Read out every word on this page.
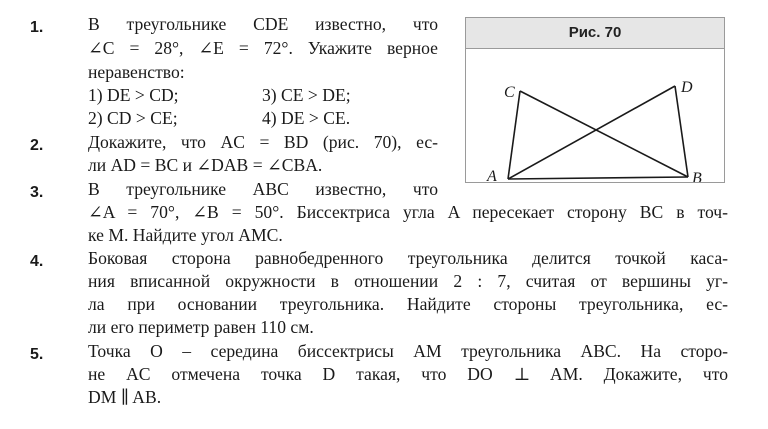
1.	В треугольнике CDE известно, что
∠C = 28°, ∠E = 72°. Укажите верное
неравенство:
1) DE > CD;	3) CE > DE;
2) CD > CE;	4) DE > CE.
2.	Докажите, что AC = BD (рис. 70), ес-
ли AD = BC и ∠DAB = ∠CBA.
3.	В треугольнике ABC известно, что
∠A = 70°, ∠B = 50°. Биссектриса угла A пересекает сторону BC в точ-
ке M. Найдите угол AMC.
4.	Боковая сторона равнобедренного треугольника делится точкой каса-
ния вписанной окружности в отношении 2 : 7, считая от вершины уг-
ла при основании треугольника. Найдите стороны треугольника, ес-
ли его периметр равен 110 см.
5.	Точка O – середина биссектрисы AM треугольника ABC. На сторо-
не AC отмечена точка D такая, что DO ⊥ AM. Докажите, что
DM ∥ AB.
Рис. 70
C	D
A	B
